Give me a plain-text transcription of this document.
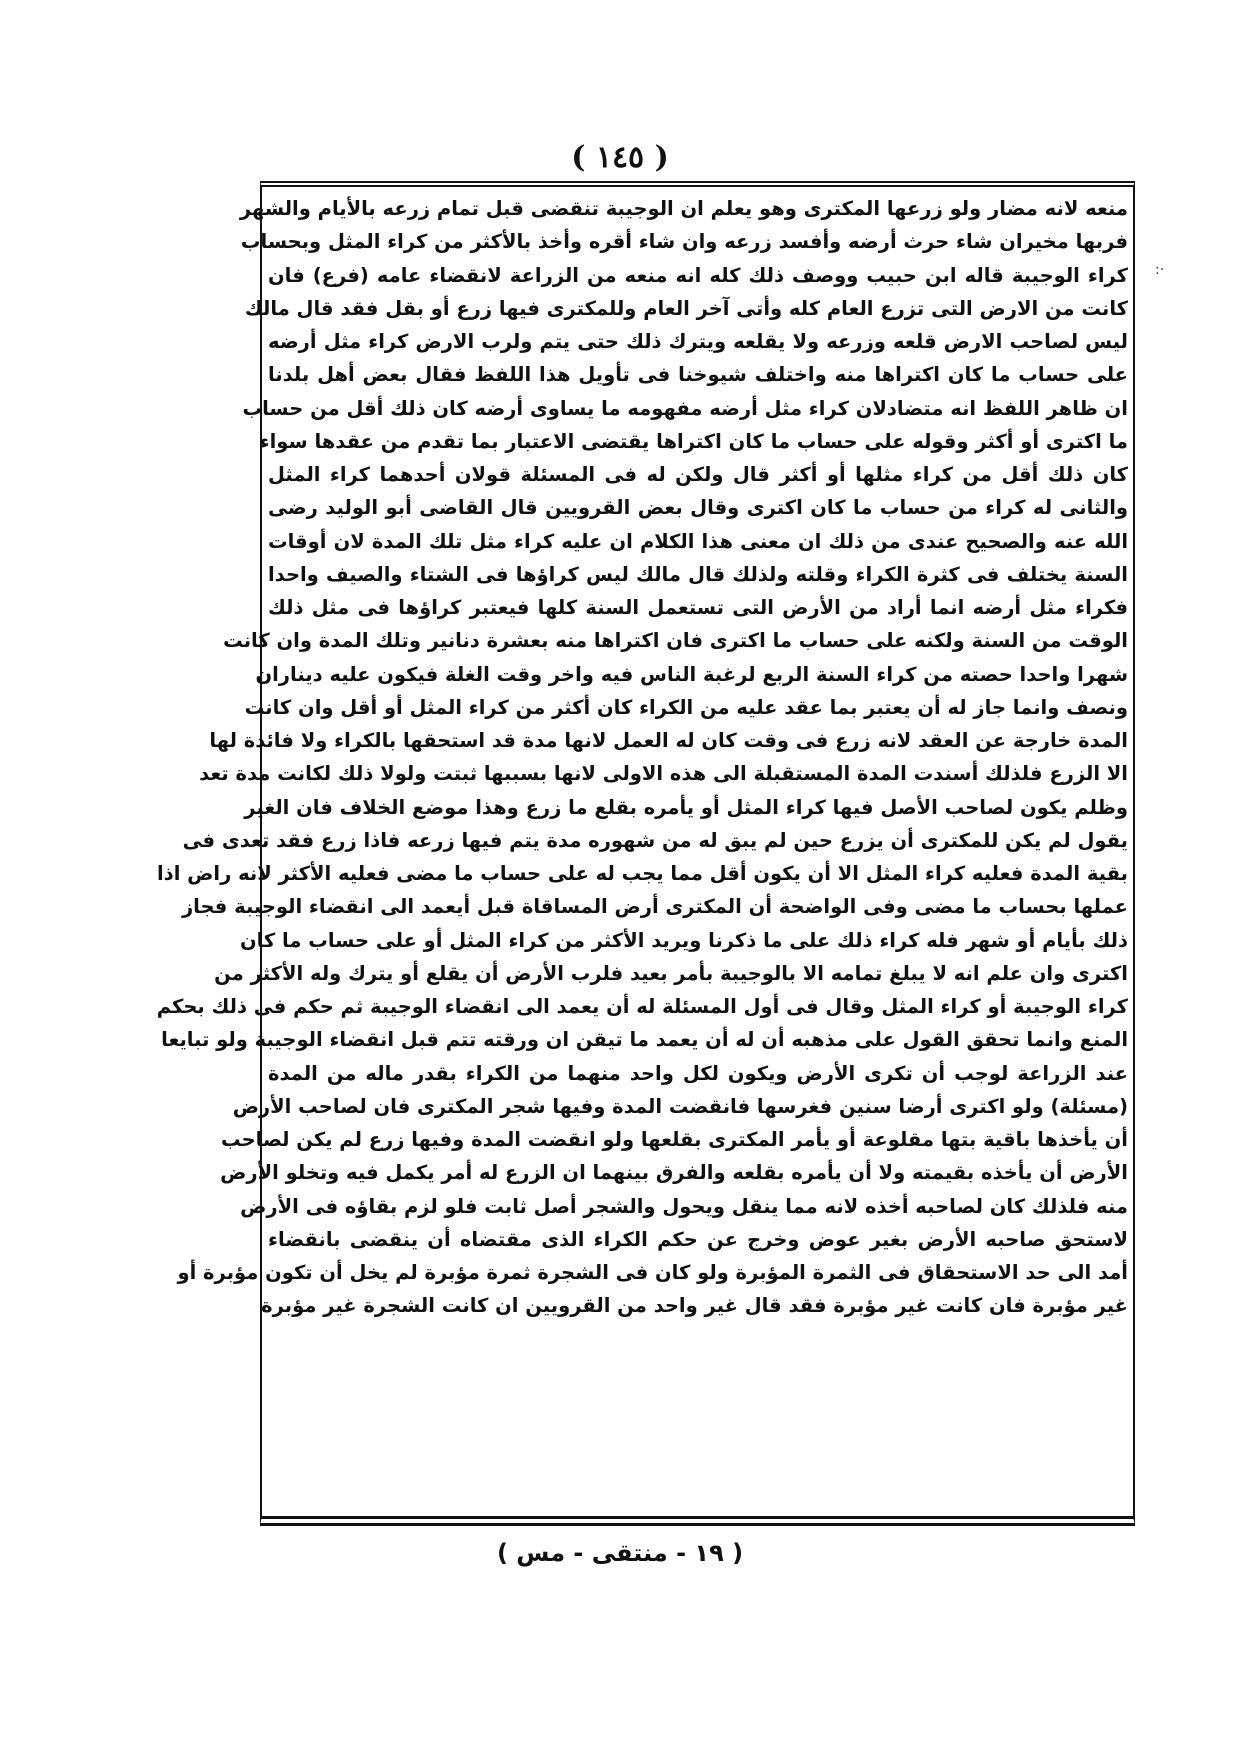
( ١٤٥ )
:·
منعه لانه مضار ولو زرعها المكترى وهو يعلم ان الوجيبة تنقضى قبل تمام زرعه بالأيام والشهر
فربها مخيران شاء حرث أرضه وأفسد زرعه وان شاء أقره وأخذ بالأكثر من كراء المثل وبحساب
كراء الوجيبة قاله ابن حبيب ووصف ذلك كله انه منعه من الزراعة لانقضاء عامه (فرع) فان
كانت من الارض التى تزرع العام كله وأتى آخر العام وللمكترى فيها زرع أو بقل فقد قال مالك
ليس لصاحب الارض قلعه وزرعه ولا يقلعه ويترك ذلك حتى يتم ولرب الارض كراء مثل أرضه
على حساب ما كان اكتراها منه واختلف شيوخنا فى تأويل هذا اللفظ فقال بعض أهل بلدنا
ان ظاهر اللفظ انه متضادلان كراء مثل أرضه مفهومه ما يساوى أرضه كان ذلك أقل من حساب
ما اكترى أو أكثر وقوله على حساب ما كان اكتراها يقتضى الاعتبار بما تقدم من عقدها سواء
كان ذلك أقل من كراء مثلها أو أكثر قال ولكن له فى المسئلة قولان أحدهما كراء المثل
والثانى له كراء من حساب ما كان اكترى وقال بعض القرويين قال القاضى أبو الوليد رضى
الله عنه والصحيح عندى من ذلك ان معنى هذا الكلام ان عليه كراء مثل تلك المدة لان أوقات
السنة يختلف فى كثرة الكراء وقلته ولذلك قال مالك ليس كراؤها فى الشتاء والصيف واحدا
فكراء مثل أرضه انما أراد من الأرض التى تستعمل السنة كلها فيعتبر كراؤها فى مثل ذلك
الوقت من السنة ولكنه على حساب ما اكترى فان اكتراها منه بعشرة دنانير وتلك المدة وان كانت
شهرا واحدا حصته من كراء السنة الربع لرغبة الناس فيه واخر وقت الغلة فيكون عليه ديناران
ونصف وانما جاز له أن يعتبر بما عقد عليه من الكراء كان أكثر من كراء المثل أو أقل وان كانت
المدة خارجة عن العقد لانه زرع فى وقت كان له العمل لانها مدة قد استحقها بالكراء ولا فائدة لها
الا الزرع فلذلك أسندت المدة المستقبلة الى هذه الاولى لانها بسببها ثبتت ولولا ذلك لكانت مدة تعد
وظلم يكون لصاحب الأصل فيها كراء المثل أو يأمره بقلع ما زرع وهذا موضع الخلاف فان الغير
يقول لم يكن للمكترى أن يزرع حين لم يبق له من شهوره مدة يتم فيها زرعه فاذا زرع فقد تعدى فى
بقية المدة فعليه كراء المثل الا أن يكون أقل مما يجب له على حساب ما مضى فعليه الأكثر لانه راض اذا
عملها بحساب ما مضى وفى الواضحة أن المكترى أرض المساقاة قبل أيعمد الى انقضاء الوجيبة فجاز
ذلك بأيام أو شهر فله كراء ذلك على ما ذكرنا ويريد الأكثر من كراء المثل أو على حساب ما كان
اكترى وان علم انه لا يبلغ تمامه الا بالوجيبة بأمر بعيد فلرب الأرض أن يقلع أو يترك وله الأكثر من
كراء الوجيبة أو كراء المثل وقال فى أول المسئلة له أن يعمد الى انقضاء الوجيبة ثم حكم فى ذلك بحكم
المنع وانما تحقق القول على مذهبه أن له أن يعمد ما تيقن ان ورقته تتم قبل انقضاء الوجيبة ولو تبايعا
عند الزراعة لوجب أن تكرى الأرض ويكون لكل واحد منهما من الكراء بقدر ماله من المدة
(مسئلة) ولو اكترى أرضا سنين فغرسها فانقضت المدة وفيها شجر المكترى فان لصاحب الأرض
أن يأخذها باقية بتها مقلوعة أو يأمر المكترى بقلعها ولو انقضت المدة وفيها زرع لم يكن لصاحب
الأرض أن يأخذه بقيمته ولا أن يأمره بقلعه والفرق بينهما ان الزرع له أمر يكمل فيه وتخلو الأرض
منه فلذلك كان لصاحبه أخذه لانه مما ينقل ويحول والشجر أصل ثابت فلو لزم بقاؤه فى الأرض
لاستحق صاحبه الأرض بغير عوض وخرج عن حكم الكراء الذى مقتضاه أن ينقضى بانقضاء
أمد الى حد الاستحقاق فى الثمرة المؤبرة ولو كان فى الشجرة ثمرة مؤبرة لم يخل أن تكون مؤبرة أو
غير مؤبرة فان كانت غير مؤبرة فقد قال غير واحد من القرويين ان كانت الشجرة غير مؤبرة
( ١٩ - منتقى - مس )
